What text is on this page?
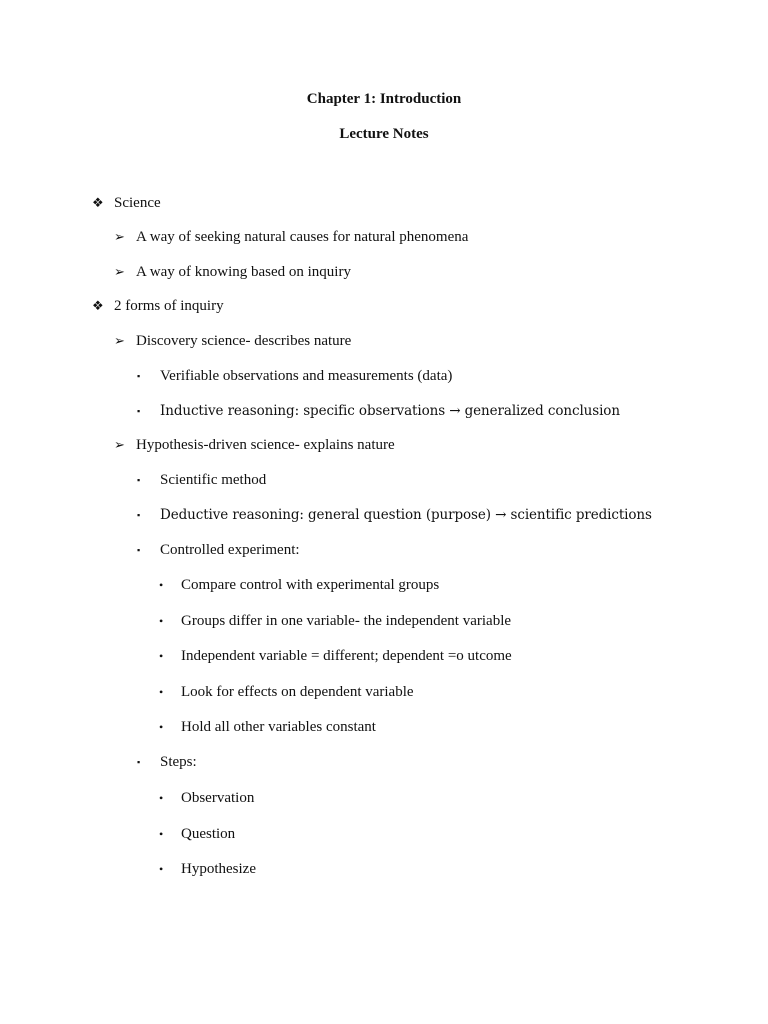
Chapter 1: Introduction
Lecture Notes
❖ Science
➢ A way of seeking natural causes for natural phenomena
➢ A way of knowing based on inquiry
❖ 2 forms of inquiry
➢ Discovery science- describes nature
▪	Verifiable observations and measurements (data)
▪	Inductive reasoning: specific observations → generalized conclusion
➢ Hypothesis-driven science- explains nature
▪	Scientific method
▪	Deductive reasoning: general question (purpose) → scientific predictions
▪	Controlled experiment:
•	Compare control with experimental groups
•	Groups differ in one variable- the independent variable
•	Independent variable = different; dependent =o utcome
•	Look for effects on dependent variable
•	Hold all other variables constant
▪	Steps:
•	Observation
•	Question
•	Hypothesize
